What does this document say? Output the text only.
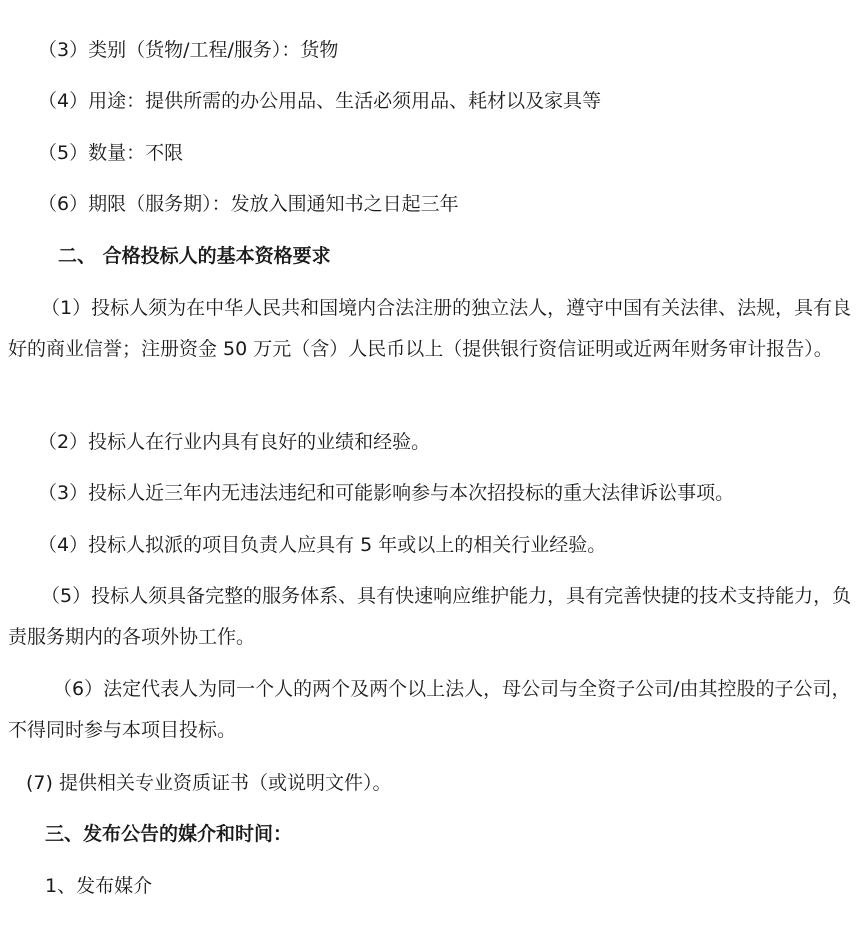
（3）类别（货物/工程/服务）：货物
（4）用途：提供所需的办公用品、生活必须用品、耗材以及家具等
（5）数量：不限
（6）期限（服务期）：发放入围通知书之日起三年
二、 合格投标人的基本资格要求
（1）投标人须为在中华人民共和国境内合法注册的独立法人，遵守中国有关法律、法规，具有良好的商业信誉；注册资金 50 万元（含）人民币以上（提供银行资信证明或近两年财务审计报告）。
（2）投标人在行业内具有良好的业绩和经验。
（3）投标人近三年内无违法违纪和可能影响参与本次招投标的重大法律诉讼事项。
（4）投标人拟派的项目负责人应具有 5 年或以上的相关行业经验。
（5）投标人须具备完整的服务体系、具有快速响应维护能力，具有完善快捷的技术支持能力，负责服务期内的各项外协工作。
（6）法定代表人为同一个人的两个及两个以上法人，母公司与全资子公司/由其控股的子公司，不得同时参与本项目投标。
(7) 提供相关专业资质证书（或说明文件）。
三、发布公告的媒介和时间：
1、发布媒介
